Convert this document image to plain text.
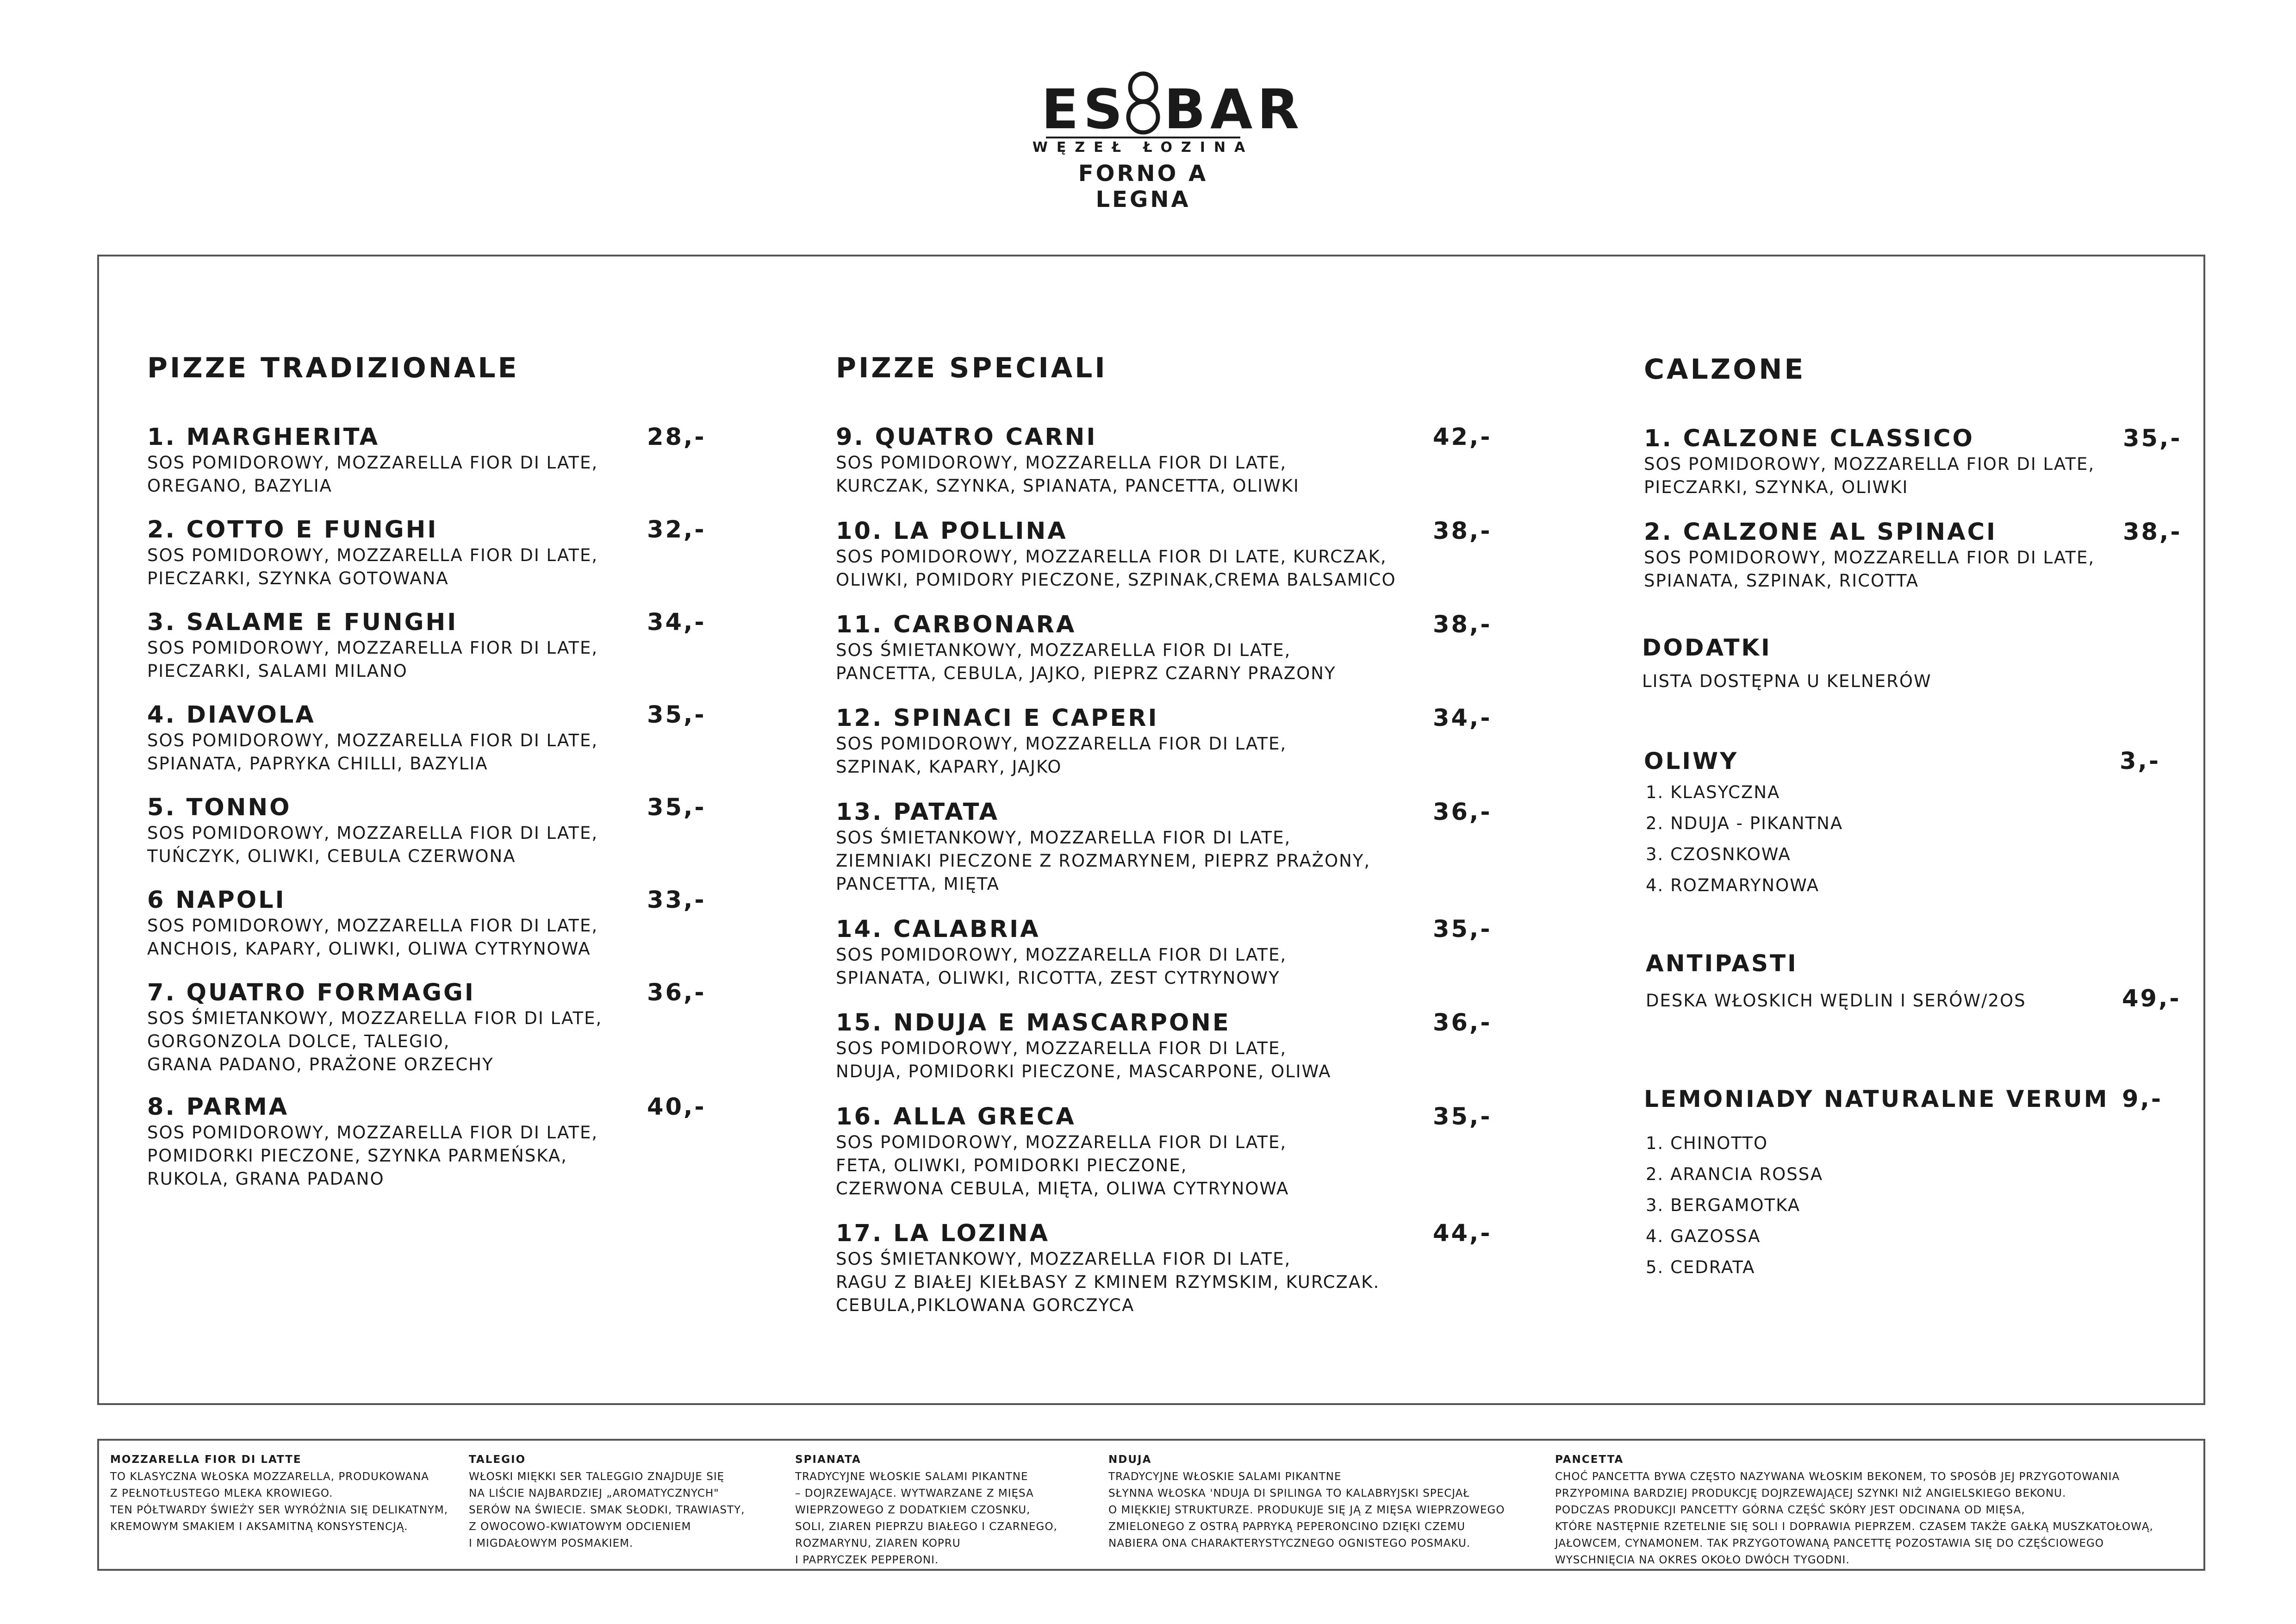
ES BAR
WĘZEŁ ŁOZINA
FORNO A LEGNA
PIZZE TRADIZIONALE
1. MARGHERITA	28,-
SOS POMIDOROWY, MOZZARELLA FIOR DI LATE,
OREGANO, BAZYLIA
2. COTTO E FUNGHI	32,-
SOS POMIDOROWY, MOZZARELLA FIOR DI LATE,
PIECZARKI, SZYNKA GOTOWANA
3. SALAME E FUNGHI	34,-
SOS POMIDOROWY, MOZZARELLA FIOR DI LATE,
PIECZARKI, SALAMI MILANO
4. DIAVOLA	35,-
SOS POMIDOROWY, MOZZARELLA FIOR DI LATE,
SPIANATA, PAPRYKA CHILLI, BAZYLIA
5. TONNO	35,-
SOS POMIDOROWY, MOZZARELLA FIOR DI LATE,
TUŃCZYK, OLIWKI, CEBULA CZERWONA
6 NAPOLI	33,-
SOS POMIDOROWY, MOZZARELLA FIOR DI LATE,
ANCHOIS, KAPARY, OLIWKI, OLIWA CYTRYNOWA
7. QUATRO FORMAGGI	36,-
SOS ŚMIETANKOWY, MOZZARELLA FIOR DI LATE,
GORGONZOLA DOLCE, TALEGIO,
GRANA PADANO, PRAŻONE ORZECHY
8. PARMA	40,-
SOS POMIDOROWY, MOZZARELLA FIOR DI LATE,
POMIDORKI PIECZONE, SZYNKA PARMEŃSKA,
RUKOLA, GRANA PADANO
PIZZE SPECIALI
9. QUATRO CARNI	42,-
SOS POMIDOROWY, MOZZARELLA FIOR DI LATE,
KURCZAK, SZYNKA, SPIANATA, PANCETTA, OLIWKI
10. LA POLLINA	38,-
SOS POMIDOROWY, MOZZARELLA FIOR DI LATE, KURCZAK,
OLIWKI, POMIDORY PIECZONE, SZPINAK,CREMA BALSAMICO
11. CARBONARA	38,-
SOS ŚMIETANKOWY, MOZZARELLA FIOR DI LATE,
PANCETTA, CEBULA, JAJKO, PIEPRZ CZARNY PRAZONY
12. SPINACI E CAPERI	34,-
SOS POMIDOROWY, MOZZARELLA FIOR DI LATE,
SZPINAK, KAPARY, JAJKO
13. PATATA	36,-
SOS ŚMIETANKOWY, MOZZARELLA FIOR DI LATE,
ZIEMNIAKI PIECZONE Z ROZMARYNEM, PIEPRZ PRAŻONY,
PANCETTA, MIĘTA
14. CALABRIA	35,-
SOS POMIDOROWY, MOZZARELLA FIOR DI LATE,
SPIANATA, OLIWKI, RICOTTA, ZEST CYTRYNOWY
15. NDUJA E MASCARPONE	36,-
SOS POMIDOROWY, MOZZARELLA FIOR DI LATE,
NDUJA, POMIDORKI PIECZONE, MASCARPONE, OLIWA
16. ALLA GRECA	35,-
SOS POMIDOROWY, MOZZARELLA FIOR DI LATE,
FETA, OLIWKI, POMIDORKI PIECZONE,
CZERWONA CEBULA, MIĘTA, OLIWA CYTRYNOWA
17. LA LOZINA	44,-
SOS ŚMIETANKOWY, MOZZARELLA FIOR DI LATE,
RAGU Z BIAŁEJ KIEŁBASY Z KMINEM RZYMSKIM, KURCZAK.
CEBULA,PIKLOWANA GORCZYCA
CALZONE
1. CALZONE CLASSICO	35,-
SOS POMIDOROWY, MOZZARELLA FIOR DI LATE,
PIECZARKI, SZYNKA, OLIWKI
2. CALZONE AL SPINACI	38,-
SOS POMIDOROWY, MOZZARELLA FIOR DI LATE,
SPIANATA, SZPINAK, RICOTTA
DODATKI
LISTA DOSTĘPNA U KELNERÓW
OLIWY	3,-
1. KLASYCZNA
2. NDUJA - PIKANTNA
3. CZOSNKOWA
4. ROZMARYNOWA
ANTIPASTI
DESKA WŁOSKICH WĘDLIN I SERÓW/2OS	49,-
LEMONIADY NATURALNE VERUM 9,-
1. CHINOTTO
2. ARANCIA ROSSA
3. BERGAMOTKA
4. GAZOSSA
5. CEDRATA
MOZZARELLA FIOR DI LATTE
TO KLASYCZNA WŁOSKA MOZZARELLA, PRODUKOWANA
Z PEŁNOTŁUSTEGO MLEKA KROWIEGO.
TEN PÓŁTWARDY ŚWIEŻY SER WYRÓŻNIA SIĘ DELIKATNYM,
KREMOWYM SMAKIEM I AKSAMITNĄ KONSYSTENCJĄ.
TALEGIO
WŁOSKI MIĘKKI SER TALEGGIO ZNAJDUJE SIĘ
NA LIŚCIE NAJBARDZIEJ „AROMATYCZNYCH"
SERÓW NA ŚWIECIE. SMAK SŁODKI, TRAWIASTY,
Z OWOCOWO-KWIATOWYM ODCIENIEM
I MIGDAŁOWYM POSMAKIEM.
SPIANATA
TRADYCYJNE WŁOSKIE SALAMI PIKANTNE
– DOJRZEWAJĄCE. WYTWARZANE Z MIĘSA
WIEPRZOWEGO Z DODATKIEM CZOSNKU,
SOLI, ZIAREN PIEPRZU BIAŁEGO I CZARNEGO,
ROZMARYNU, ZIAREN KOPRU
I PAPRYCZEK PEPPERONI.
NDUJA
TRADYCYJNE WŁOSKIE SALAMI PIKANTNE
SŁYNNA WŁOSKA 'NDUJA DI SPILINGA TO KALABRYJSKI SPECJAŁ
O MIĘKKIEJ STRUKTURZE. PRODUKUJE SIĘ JĄ Z MIĘSA WIEPRZOWEGO
ZMIELONEGO Z OSTRĄ PAPRYKĄ PEPERONCINO DZIĘKI CZEMU
NABIERA ONA CHARAKTERYSTYCZNEGO OGNISTEGO POSMAKU.
PANCETTA
CHOĆ PANCETTA BYWA CZĘSTO NAZYWANA WŁOSKIM BEKONEM, TO SPOSÓB JEJ PRZYGOTOWANIA
PRZYPOMINA BARDZIEJ PRODUKCJĘ DOJRZEWAJĄCEJ SZYNKI NIŻ ANGIELSKIEGO BEKONU.
PODCZAS PRODUKCJI PANCETTY GÓRNA CZĘŚĆ SKÓRY JEST ODCINANA OD MIĘSA,
KTÓRE NASTĘPNIE RZETELNIE SIĘ SOLI I DOPRAWIA PIEPRZEM. CZASEM TAKŻE GAŁKĄ MUSZKATOŁOWĄ,
JAŁOWCEM, CYNAMONEM. TAK PRZYGOTOWANĄ PANCETTĘ POZOSTAWIA SIĘ DO CZĘŚCIOWEGO
WYSCHNIĘCIA NA OKRES OKOŁO DWÓCH TYGODNI.
